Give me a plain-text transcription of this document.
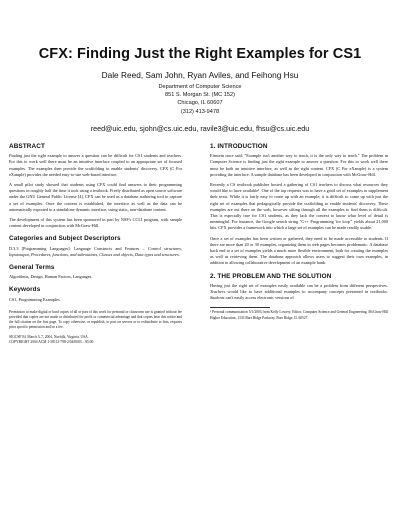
CFX: Finding Just the Right Examples for CS1
Dale Reed, Sam John, Ryan Aviles, and Feihong Hsu
Department of Computer Science
851 S. Morgan St. (MC 152)
Chicago, IL 60607
(312) 413-9478
reed@uic.edu, sjohn@cs.uic.edu, ravile3@uic.edu, fhsu@cs.uic.edu
ABSTRACT

Finding just the right example to answer a question can be difficult for CS1 students and teachers. For this to work well there must be an intuitive interface coupled to an appropriate set of focused examples. The examples then provide the scaffolding to enable students' discovery. CFX (C For eXample) provides the needed easy-to-use web-based interface.

A small pilot study showed that students using CFX could find answers to their programming questions in roughly half the time it took using a textbook. Freely distributed as open source software under the GNU General Public License [4], CFX can be used as a database authoring tool to capture a set of examples. Once the content is established, the interface as well as the data can be automatically exported to a standalone dynamic interface, using static, non-database content.

The development of this system has been sponsored in part by NSF's CCLI program, with sample content developed in conjunction with McGraw-Hill.

Categories and Subject Descriptors

D.3.3 [Programming Languages]: Language Constructs and Features – Control structures, Inputoutput, Procedures, functions, and subroutines, Classes and objects, Data types and structures.

General Terms

Algorithms, Design, Human Factors, Languages.

Keywords

CS1, Programming Examples

Permission to make digital or hard copies of all or part of this work for personal or classroom use is granted without fee provided that copies are not made or distributed for profit or commercial advantage and that copies bear this notice and the full citation on the first page. To copy otherwise, or republish, to post on servers or to redistribute to lists, requires prior specific permission and/or a fee.

SIGCSE'04, March 3–7, 2004, Norfolk, Virginia, USA.

COPYRIGHT 2004 ACM 1-58113-798-2/04/0003…$5.00.

1. INTRODUCTION

Einstein once said: "Example isn't another way to teach, it is the only way to teach." The problem in Computer Science is finding just the right example to answer a question. For this to work well there must be both an intuitive interface, as well as the right content. CFX (C For eXample) is a system providing the interface. A sample database has been developed in conjunction with McGraw-Hill.

Recently a CS textbook publisher hosted a gathering of CS1 teachers to discuss what resources they would like to have available¹. One of the top requests was to have a good set of examples to supplement their texts. While it is fairly easy to come up with an example, it is difficult to come up with just the right set of examples that pedagogically provide the scaffolding to enable students' discovery. These examples are out there on the web, however sifting through all the examples to find them is difficult. This is especially true for CS1 students, as they lack the context to know what level of detail is meaningful. For instance, the Google search string "C++ Programming 'for loop'" yields about 21,000 hits. CFX provides a framework into which a large set of examples can be made readily usable.

Once a set of examples has been written or gathered, they need to be made accessible to students. If there are more than 20 or 30 examples, organizing them in web pages becomes problematic. A database back end to a set of examples yields a much more flexible environment, both for creating the examples as well as retrieving them. The database approach allows users to suggest their own examples, in addition to allowing collaborative development of an example bank.

2. THE PROBLEM AND THE SOLUTION

Having just the right set of examples easily available can be a problem from different perspectives. Teachers would like to have additional examples to accompany concepts presented in textbooks. Students can't easily access electronic versions of

¹ Personal communication 5/1/2003 from Kelly Lowery, Editor, Computer Science and General Engineering, McGraw-Hill Higher Education, 1333 Burr Ridge Parkway, Burr Ridge, IL 60527.
